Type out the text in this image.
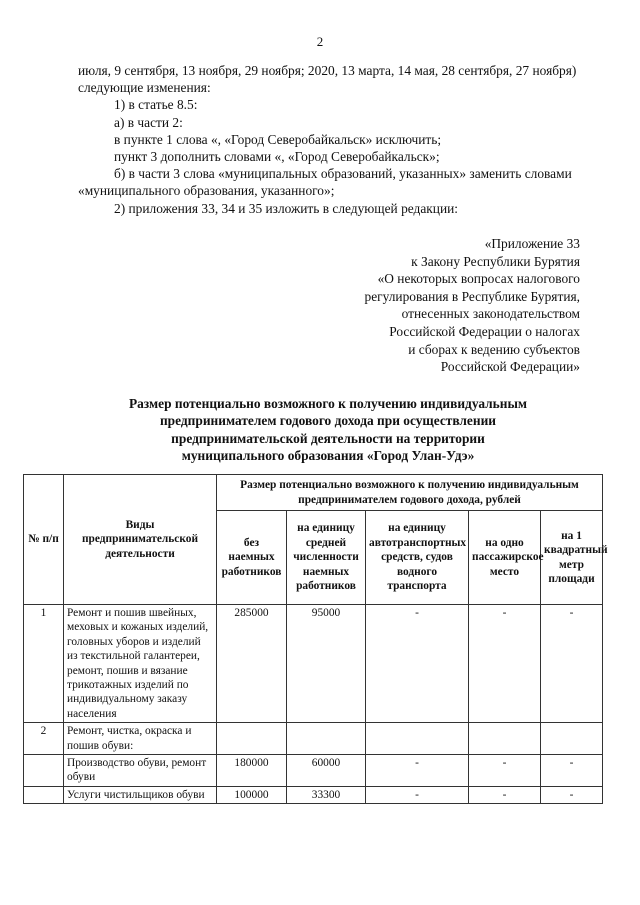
2

июля, 9 сентября, 13 ноября, 29 ноября; 2020, 13 марта, 14 мая, 28 сентября, 27 ноября) следующие изменения:

1) в статье 8.5:

а) в части 2:

в пункте 1 слова «, «Город Северобайкальск» исключить;

пункт 3 дополнить словами «, «Город Северобайкальск»;

б) в части 3 слова «муниципальных образований, указанных» заменить словами «муниципального образования, указанного»;

2) приложения 33, 34 и 35 изложить в следующей редакции:

«Приложение 33
к Закону Республики Бурятия
«О некоторых вопросах налогового
регулирования в Республике Бурятия,
отнесенных законодательством
Российской Федерации о налогах
и сборах к ведению субъектов
Российской Федерации»
Размер потенциально возможного к получению индивидуальным
предпринимателем годового дохода при осуществлении
предпринимательской деятельности на территории
муниципального образования «Город Улан-Удэ»
№ п/п	Виды предпринимательской деятельности	Размер потенциально возможного к получению индивидуальным предпринимателем годового дохода, рублей				
		без наемных работников	на единицу средней численности наемных работников	на единицу автотранспортных средств, судов водного транспорта	на одно пассажирское место	на 1 квадратный метр площади
1	Ремонт и пошив швейных, меховых и кожаных изделий, головных уборов и изделий из текстильной галантереи, ремонт, пошив и вязание трикотажных изделий по индивидуальному заказу населения	285000	95000	-	-	-
2	Ремонт, чистка, окраска и пошив обуви:					
	Производство обуви, ремонт обуви	180000	60000	-	-	-
	Услуги чистильщиков обуви	100000	33300	-	-	-
